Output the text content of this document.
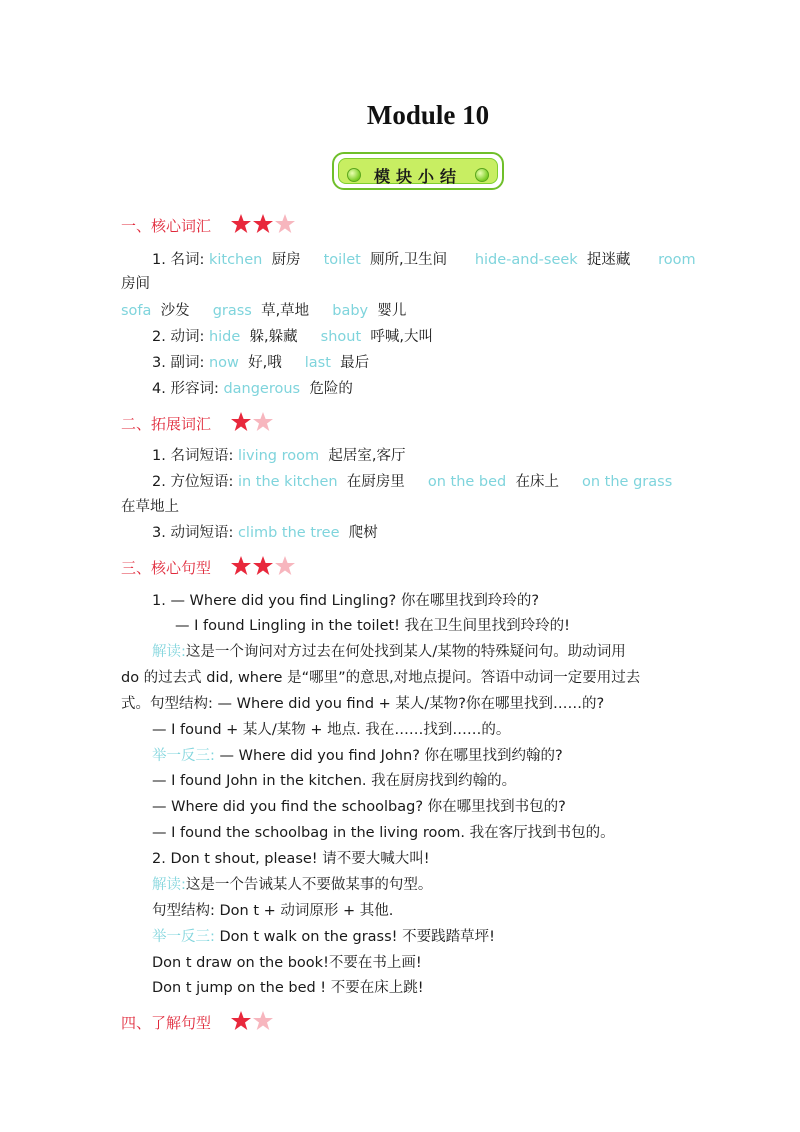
Module 10
模块小结
一、核心词汇
1. 名词: kitchen 厨房 toilet 厕所,卫生间 hide-and-seek 捉迷藏 room
房间
sofa 沙发 grass 草,草地 baby 婴儿
2. 动词: hide 躲,躲藏 shout 呼喊,大叫
3. 副词: now 好,哦 last 最后
4. 形容词: dangerous 危险的
二、拓展词汇
1. 名词短语: living room 起居室,客厅
2. 方位短语: in the kitchen 在厨房里 on the bed 在床上 on the grass
在草地上
3. 动词短语: climb the tree 爬树
三、核心句型
1. — Where did you find Lingling? 你在哪里找到玲玲的?
— I found Lingling in the toilet! 我在卫生间里找到玲玲的!
解读:这是一个询问对方过去在何处找到某人/某物的特殊疑问句。助动词用
do 的过去式 did, where 是“哪里”的意思,对地点提问。答语中动词一定要用过去
式。句型结构: — Where did you find + 某人/某物?你在哪里找到……的?
— I found + 某人/某物 + 地点. 我在……找到……的。
举一反三: — Where did you find John? 你在哪里找到约翰的?
— I found John in the kitchen. 我在厨房找到约翰的。
— Where did you find the schoolbag? 你在哪里找到书包的?
— I found the schoolbag in the living room. 我在客厅找到书包的。
2. Don t shout, please! 请不要大喊大叫!
解读:这是一个告诫某人不要做某事的句型。
句型结构: Don t + 动词原形 + 其他.
举一反三: Don t walk on the grass! 不要践踏草坪!
Don t draw on the book!不要在书上画!
Don t jump on the bed ! 不要在床上跳!
四、了解句型
